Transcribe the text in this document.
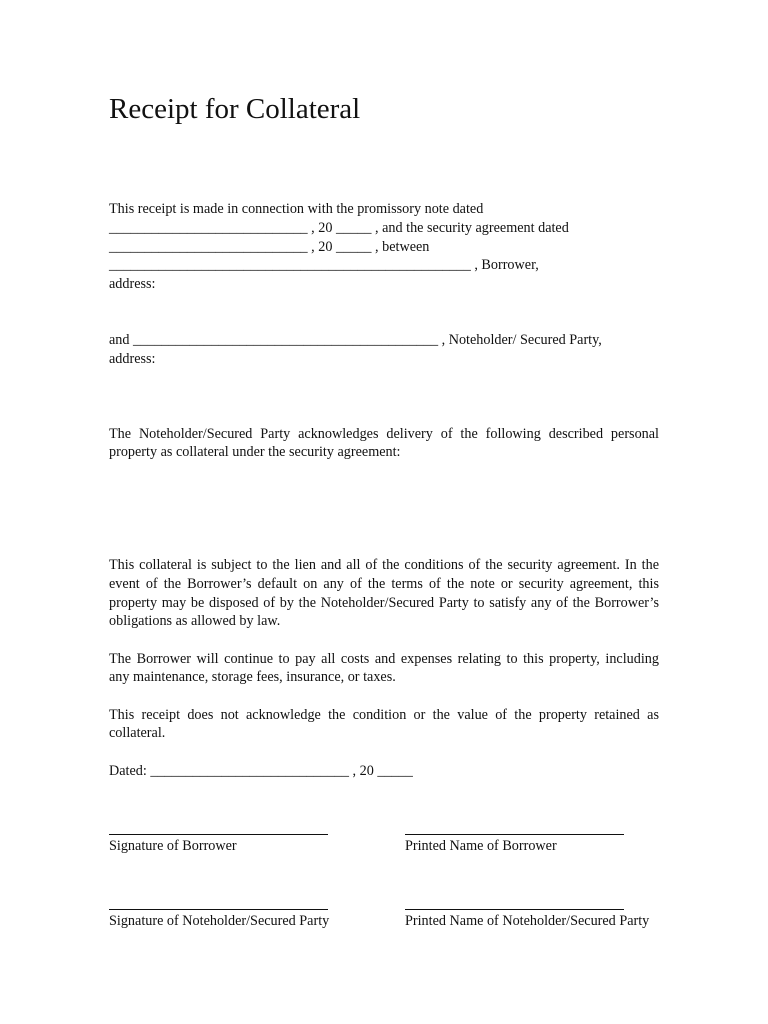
Receipt for Collateral
This receipt is made in connection with the promissory note dated
____________________________ , 20 _____ , and the security agreement dated
____________________________ , 20 _____ , between
___________________________________________________ , Borrower,
address:
and ___________________________________________ , Noteholder/ Secured Party,
address:
The Noteholder/Secured Party acknowledges delivery of the following described personal
property as collateral under the security agreement:
This collateral is subject to the lien and all of the conditions of the security agreement. In the
event of the Borrower’s default on any of the terms of the note or security agreement, this
property may be disposed of by the Noteholder/Secured Party to satisfy any of the Borrower’s
obligations as allowed by law.
The Borrower will continue to pay all costs and expenses relating to this property, including
any maintenance, storage fees, insurance, or taxes.
This receipt does not acknowledge the condition or the value of the property retained as
collateral.
Dated: ____________________________ , 20 _____
Signature of Borrower	Printed Name of Borrower
Signature of Noteholder/Secured Party	Printed Name of Noteholder/Secured Party
